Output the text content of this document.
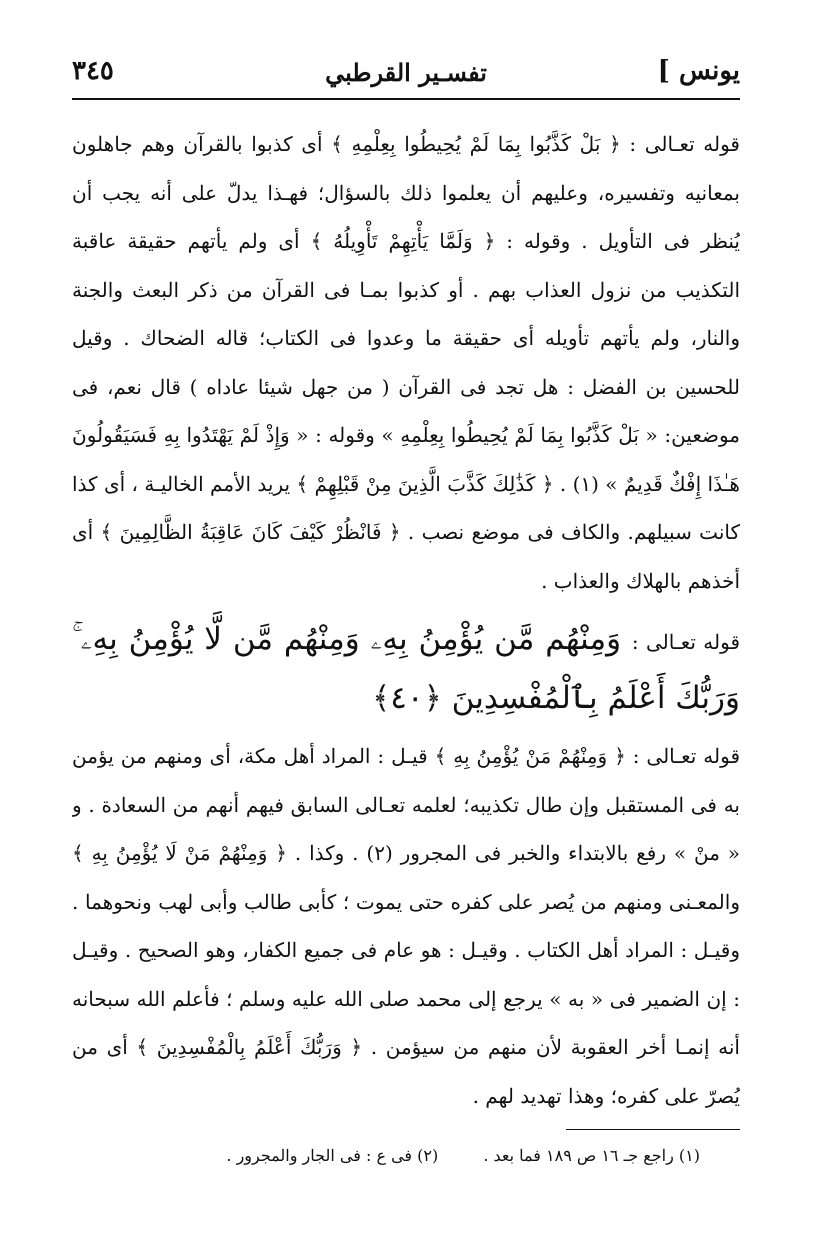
يونس ]
تفسـير القرطبي
٣٤٥

قوله تعـالى : ﴿ بَلْ كَذَّبُوا بِمَا لَمْ يُحِيطُوا بِعِلْمِهِ ﴾ أى كذبوا بالقرآن وهم جاهلون بمعانيه وتفسيره، وعليهم أن يعلموا ذلك بالسؤال؛ فهـذا يدلّ على أنه يجب أن يُنظر فى التأويل . وقوله : ﴿ وَلَمَّا يَأْتِهِمْ تَأْوِيلُهُ ﴾ أى ولم يأتهم حقيقة عاقبة التكذيب من نزول العذاب بهم . أو كذبوا بمـا فى القرآن من ذكر البعث والجنة والنار، ولم يأتهم تأويله أى حقيقة ما وعدوا فى الكتاب؛ قاله الضحاك . وقيل للحسين بن الفضل : هل تجد فى القرآن ( من جهل شيئا عاداه ) قال نعم، فى موضعين: « بَلْ كَذَّبُوا بِمَا لَمْ يُحِيطُوا بِعِلْمِهِ » وقوله : « وَإِذْ لَمْ يَهْتَدُوا بِهِ فَسَيَقُولُونَ هَـٰذَا إِفْكٌ قَدِيمٌ » (١) . ﴿ كَذَٰلِكَ كَذَّبَ الَّذِينَ مِنْ قَبْلِهِمْ ﴾ يريد الأمم الخاليـة ، أى كذا كانت سبيلهم. والكاف فى موضع نصب . ﴿ فَانْظُرْ كَيْفَ كَانَ عَاقِبَةُ الظَّالِمِينَ ﴾ أى أخذهم بالهلاك والعذاب .

قوله تعـالى : وَمِنْهُم مَّن يُؤْمِنُ بِهِۦ وَمِنْهُم مَّن لَّا يُؤْمِنُ بِهِۦ ۚ وَرَبُّكَ أَعْلَمُ بِٱلْمُفْسِدِينَ ﴿٤٠﴾

قوله تعـالى : ﴿ وَمِنْهُمْ مَنْ يُؤْمِنُ بِهِ ﴾ قيـل : المراد أهل مكة، أى ومنهم من يؤمن به فى المستقبل وإن طال تكذيبه؛ لعلمه تعـالى السابق فيهم أنهم من السعادة . و « منْ » رفع بالابتداء والخبر فى المجرور (٢) . وكذا . ﴿ وَمِنْهُمْ مَنْ لَا يُؤْمِنُ بِهِ ﴾ والمعـنى ومنهم من يُصر على كفره حتى يموت ؛ كأبى طالب وأبى لهب ونحوهما . وقيـل : المراد أهل الكتاب . وقيـل : هو عام فى جميع الكفار، وهو الصحيح . وقيـل : إن الضمير فى « به » يرجع إلى محمد صلى الله عليه وسلم ؛ فأعلم الله سبحانه أنه إنمـا أخر العقوبة لأن منهم من سيؤمن . ﴿ وَرَبُّكَ أَعْلَمُ بِالْمُفْسِدِينَ ﴾ أى من يُصرّ على كفره؛ وهذا تهديد لهم .

(١) راجع جـ ١٦ ص ١٨٩ فما بعد . (٢) فى ع : فى الجار والمجرور .
